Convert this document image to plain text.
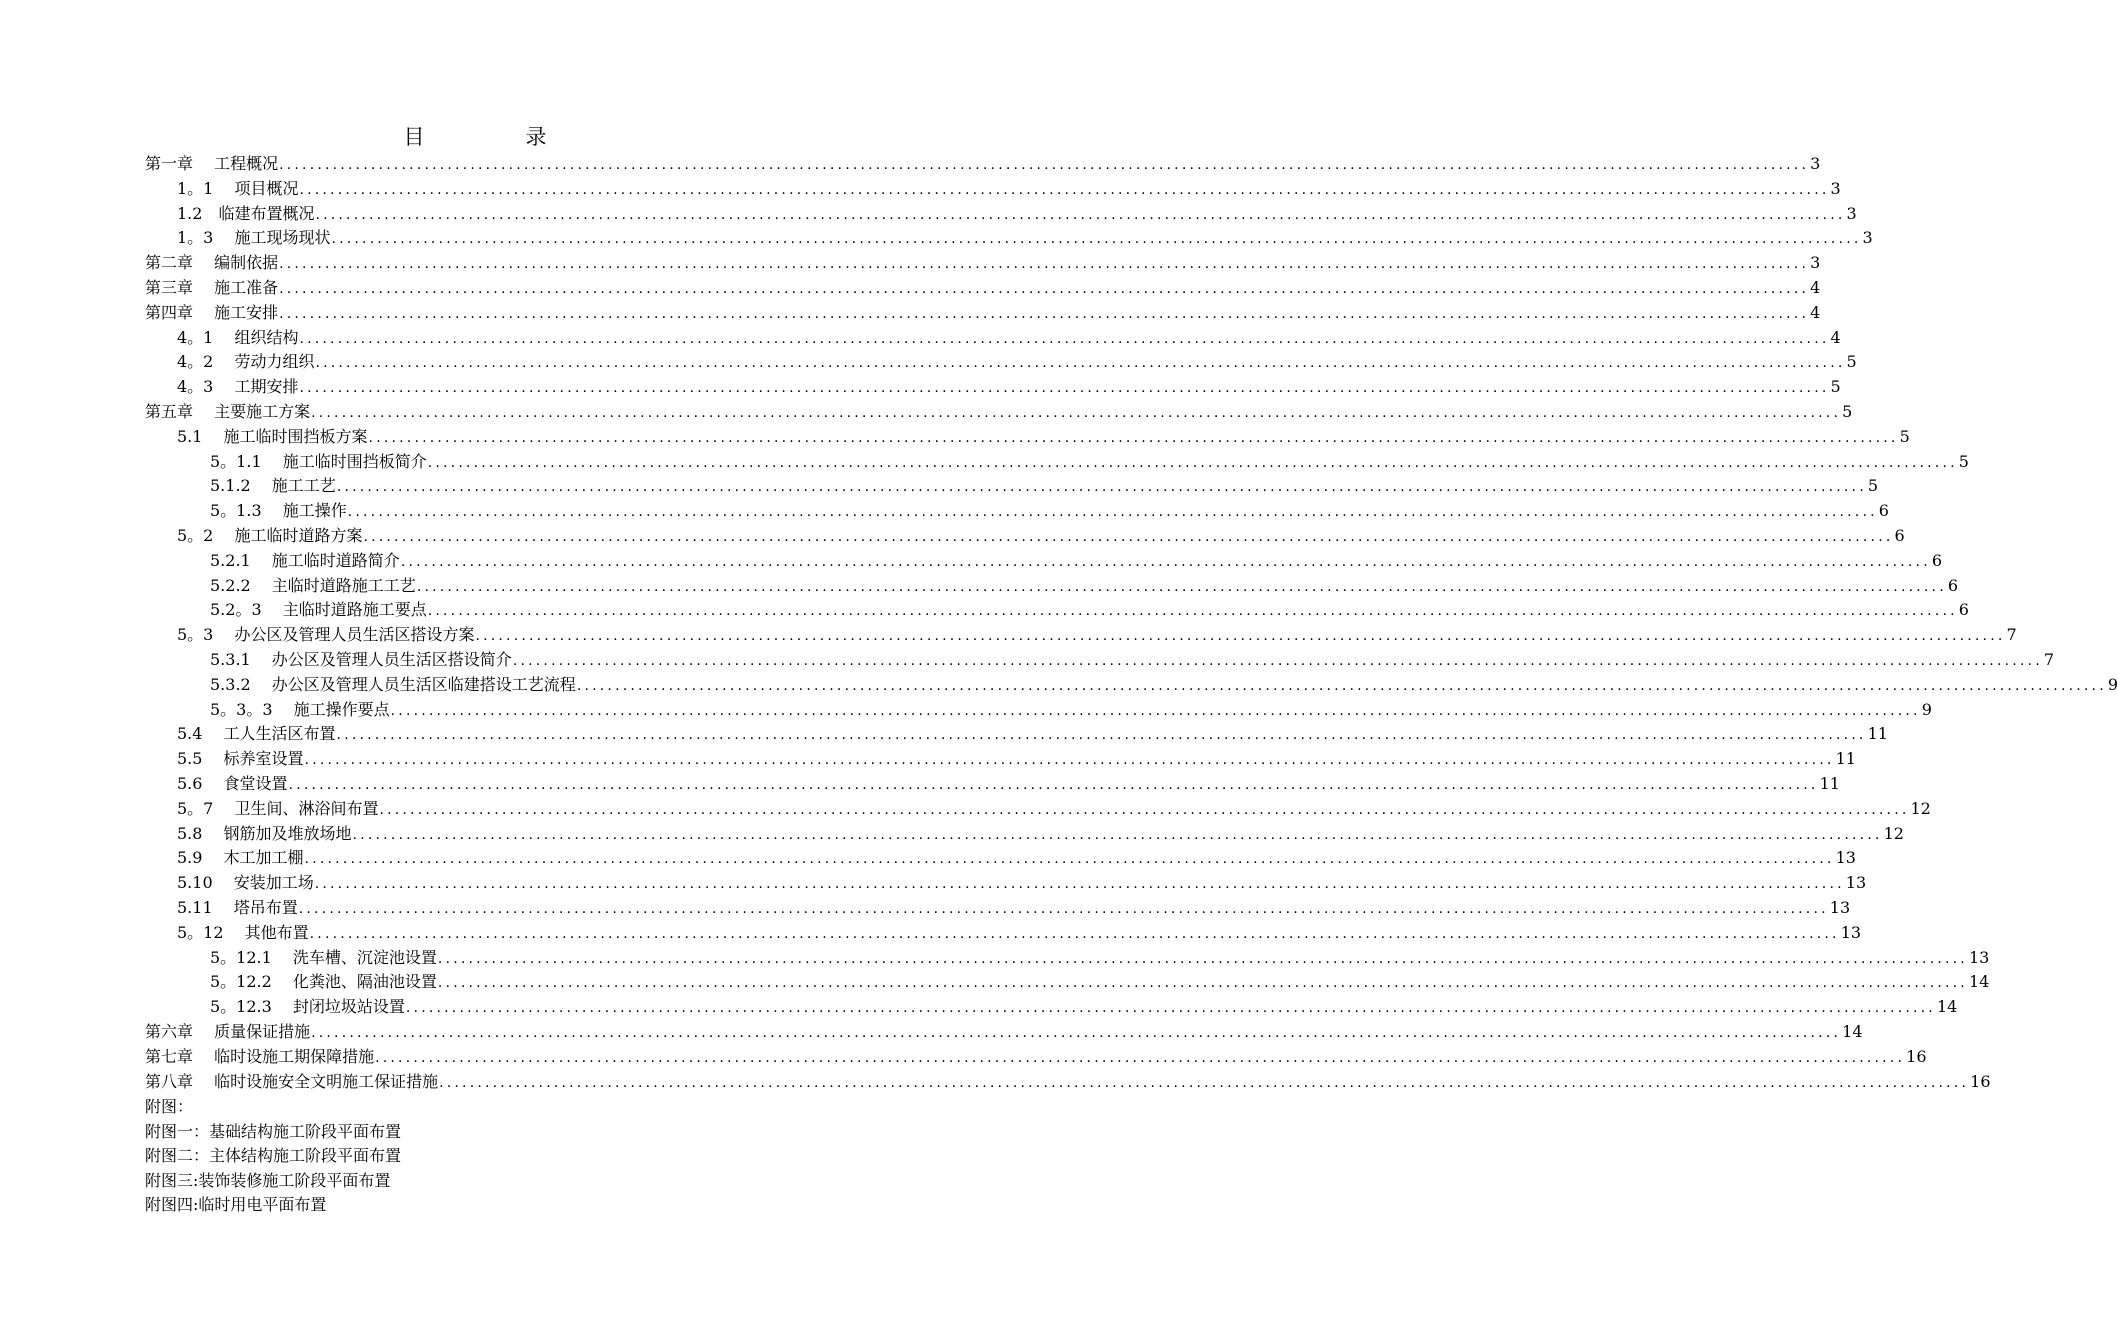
目　录
第一章　 工程概况 ........................................................................................................................................................................................................ 3
1。1　 项目概况 ........................................................................................................................................................................................................ 3
1.2　临建布置概况 ........................................................................................................................................................................................................ 3
1。3　 施工现场现状 ........................................................................................................................................................................................................ 3
第二章　 编制依据 ........................................................................................................................................................................................................ 3
第三章　 施工准备 ........................................................................................................................................................................................................ 4
第四章　 施工安排 ........................................................................................................................................................................................................ 4
4。1　 组织结构 ........................................................................................................................................................................................................ 4
4。2　 劳动力组织 ........................................................................................................................................................................................................ 5
4。3　 工期安排 ........................................................................................................................................................................................................ 5
第五章　 主要施工方案 ........................................................................................................................................................................................................ 5
5.1　 施工临时围挡板方案 ........................................................................................................................................................................................................ 5
5。1.1　 施工临时围挡板简介 ........................................................................................................................................................................................................ 5
5.1.2　 施工工艺 ........................................................................................................................................................................................................ 5
5。1.3　 施工操作 ........................................................................................................................................................................................................ 6
5。2　 施工临时道路方案 ........................................................................................................................................................................................................ 6
5.2.1　 施工临时道路简介 ........................................................................................................................................................................................................ 6
5.2.2　 主临时道路施工工艺 ........................................................................................................................................................................................................ 6
5.2。3　 主临时道路施工要点 ........................................................................................................................................................................................................ 6
5。3　 办公区及管理人员生活区搭设方案 ........................................................................................................................................................................................................ 7
5.3.1　 办公区及管理人员生活区搭设简介 ........................................................................................................................................................................................................ 7
5.3.2　 办公区及管理人员生活区临建搭设工艺流程 ........................................................................................................................................................................................................ 9
5。3。3　 施工操作要点 ........................................................................................................................................................................................................ 9
5.4　 工人生活区布置 ........................................................................................................................................................................................................ 11
5.5　 标养室设置 ........................................................................................................................................................................................................ 11
5.6　 食堂设置 ........................................................................................................................................................................................................ 11
5。7　 卫生间、淋浴间布置 ........................................................................................................................................................................................................ 12
5.8　 钢筋加及堆放场地 ........................................................................................................................................................................................................ 12
5.9　 木工加工棚 ........................................................................................................................................................................................................ 13
5.10　 安装加工场 ........................................................................................................................................................................................................ 13
5.11　 塔吊布置 ........................................................................................................................................................................................................ 13
5。12　 其他布置 ........................................................................................................................................................................................................ 13
5。12.1　 洗车槽、沉淀池设置 ........................................................................................................................................................................................................ 13
5。12.2　 化粪池、隔油池设置 ........................................................................................................................................................................................................ 14
5。12.3　 封闭垃圾站设置 ........................................................................................................................................................................................................ 14
第六章　 质量保证措施 ........................................................................................................................................................................................................ 14
第七章　 临时设施工期保障措施 ........................................................................................................................................................................................................ 16
第八章　 临时设施安全文明施工保证措施 ........................................................................................................................................................................................................ 16
附图：
附图一：基础结构施工阶段平面布置
附图二：主体结构施工阶段平面布置
附图三:装饰装修施工阶段平面布置
附图四:临时用电平面布置
